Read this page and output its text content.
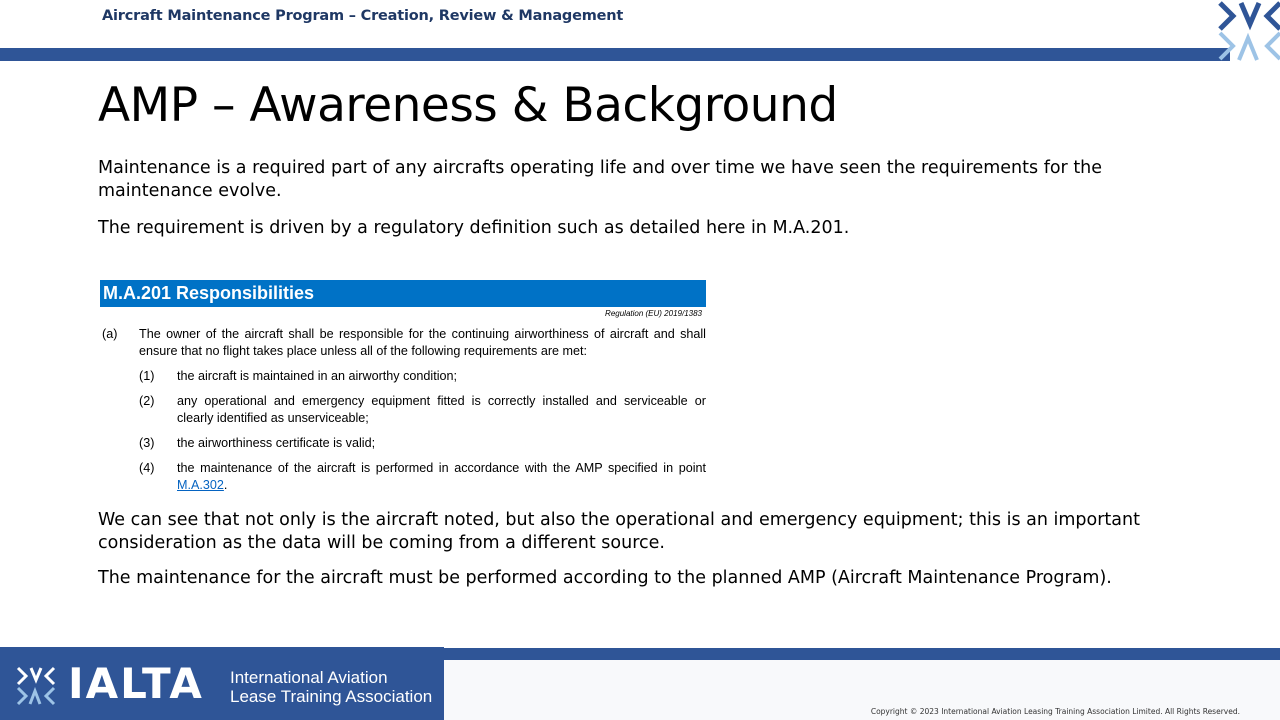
Aircraft Maintenance Program – Creation, Review & Management
AMP – Awareness & Background
Maintenance is a required part of any aircrafts operating life and over time we have seen the requirements for the maintenance evolve.
The requirement is driven by a regulatory definition such as detailed here in M.A.201.
M.A.201 Responsibilities
Regulation (EU) 2019/1383
(a)	The owner of the aircraft shall be responsible for the continuing airworthiness of aircraft and shall ensure that no flight takes place unless all of the following requirements are met:
(1)	the aircraft is maintained in an airworthy condition;
(2)	any operational and emergency equipment fitted is correctly installed and serviceable or clearly identified as unserviceable;
(3)	the airworthiness certificate is valid;
(4)	the maintenance of the aircraft is performed in accordance with the AMP specified in point M.A.302.
We can see that not only is the aircraft noted, but also the operational and emergency equipment; this is an important consideration as the data will be coming from a different source.
The maintenance for the aircraft must be performed according to the planned AMP (Aircraft Maintenance Program).
IALTA International Aviation
Lease Training Association
Copyright © 2023 International Aviation Leasing Training Association Limited. All Rights Reserved.
